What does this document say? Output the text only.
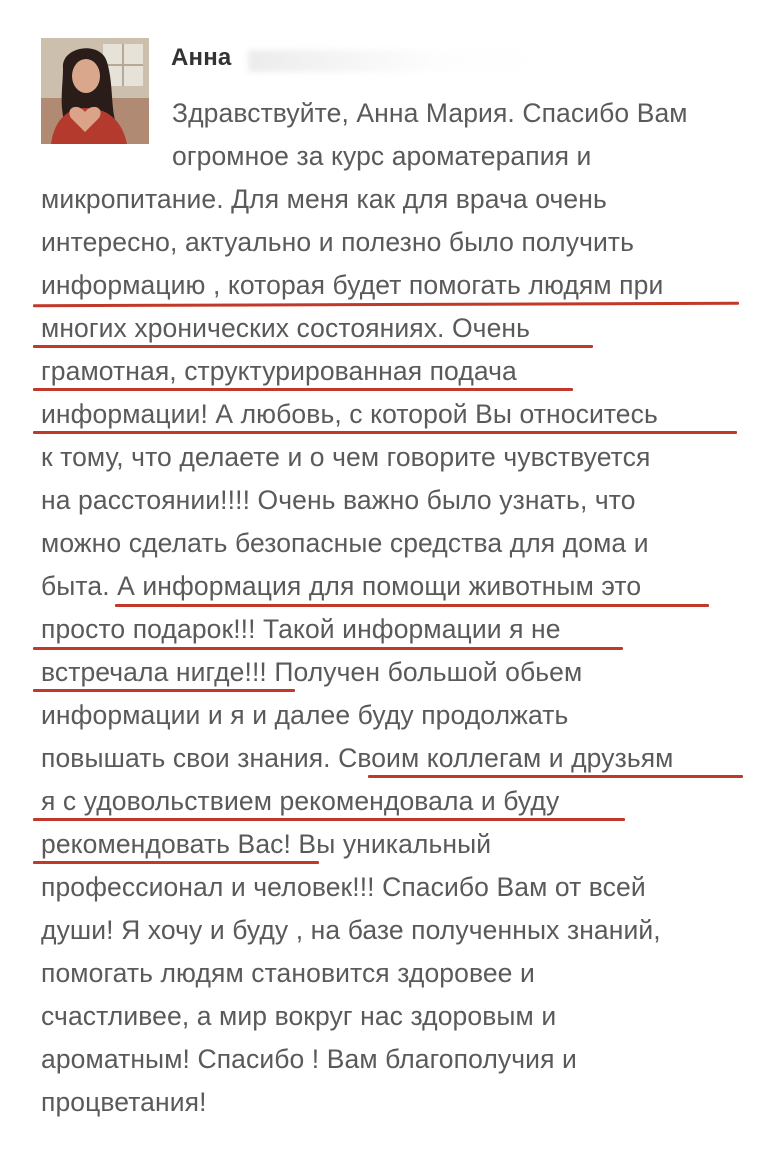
Анна
Здравствуйте, Анна Мария. Спасибо Вам
огромное за курс ароматерапия и
микропитание. Для меня как для врача очень
интересно, актуально и полезно было получить
информацию , которая будет помогать людям при
многих хронических состояниях. Очень
грамотная, структурированная подача
информации! А любовь, с которой Вы относитесь
к тому, что делаете и о чем говорите чувствуется
на расстоянии!!!! Очень важно было узнать, что
можно сделать безопасные средства для дома и
быта. А информация для помощи животным это
просто подарок!!! Такой информации я не
встречала нигде!!! Получен большой обьем
информации и я и далее буду продолжать
повышать свои знания. Своим коллегам и друзьям
я с удовольствием рекомендовала и буду
рекомендовать Вас! Вы уникальный
профессионал и человек!!! Спасибо Вам от всей
души! Я хочу и буду , на базе полученных знаний,
помогать людям становится здоровее и
счастливее, а мир вокруг нас здоровым и
ароматным! Спасибо ! Вам благополучия и
процветания!
